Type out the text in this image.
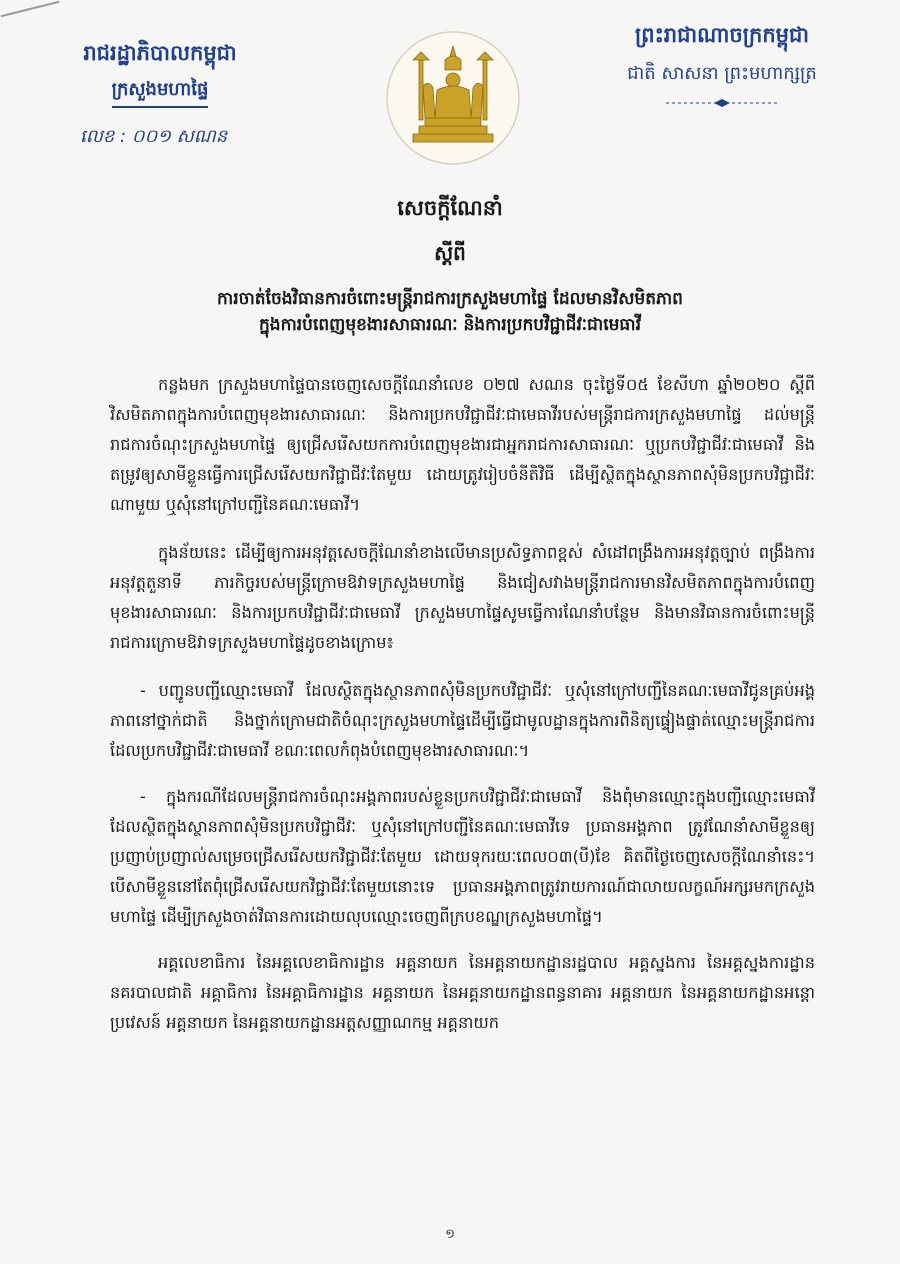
រាជរដ្ឋាភិបាលកម្ពុជា
ក្រសួងមហាផ្ទៃ
លេខ : ០០១ សណន
ព្រះរាជាណាចក្រកម្ពុជា
ជាតិ សាសនា ព្រះមហាក្សត្រ
សេចក្ដីណែនាំ
ស្ដីពី
ការចាត់ចែងវិធានការចំពោះមន្ត្រីរាជការក្រសួងមហាផ្ទៃ ដែលមានវិសមិតភាព
ក្នុងការបំពេញមុខងារសាធារណៈ និងការប្រកបវិជ្ជាជីវៈជាមេធាវី

កន្លងមក ក្រសួងមហាផ្ទៃបានចេញសេចក្ដីណែនាំលេខ ០២៧ សណន ចុះថ្ងៃទី០៥ ខែសីហា ឆ្នាំ២០២០ ស្ដីពីវិសមិតភាពក្នុងការបំពេញមុខងារសាធារណៈ និងការប្រកបវិជ្ជាជីវៈជាមេធាវីរបស់មន្ត្រីរាជការក្រសួងមហាផ្ទៃ ដល់មន្ត្រីរាជការចំណុះក្រសួងមហាផ្ទៃ ឲ្យជ្រើសរើសយកការបំពេញមុខងារជាអ្នករាជការសាធារណៈ ឬប្រកបវិជ្ជាជីវៈជាមេធាវី និងតម្រូវឲ្យសាមីខ្លួនធ្វើការជ្រើសរើសយកវិជ្ជាជីវៈតែមួយ ដោយត្រូវរៀបចំនីតិវិធី ដើម្បីស្ថិតក្នុងស្ថានភាពសុំមិនប្រកបវិជ្ជាជីវៈណាមួយ ឬសុំនៅក្រៅបញ្ជីនៃគណៈមេធាវី។

ក្នុងន័យនេះ ដើម្បីឲ្យការអនុវត្តសេចក្ដីណែនាំខាងលើមានប្រសិទ្ធភាពខ្ពស់ សំដៅពង្រឹងការអនុវត្តច្បាប់ ពង្រឹងការអនុវត្តតួនាទី ភារកិច្ចរបស់មន្ត្រីក្រោមឱវាទក្រសួងមហាផ្ទៃ និងជៀសវាងមន្ត្រីរាជការមានវិសមិតភាពក្នុងការបំពេញមុខងារសាធារណៈ និងការប្រកបវិជ្ជាជីវៈជាមេធាវី ក្រសួងមហាផ្ទៃសូមធ្វើការណែនាំបន្ថែម និងមានវិធានការចំពោះមន្ត្រីរាជការក្រោមឱវាទក្រសួងមហាផ្ទៃដូចខាងក្រោម៖

- បញ្ជូនបញ្ជីឈ្មោះមេធាវី ដែលស្ថិតក្នុងស្ថានភាពសុំមិនប្រកបវិជ្ជាជីវៈ ឬសុំនៅក្រៅបញ្ជីនៃគណៈមេធាវីជូនគ្រប់អង្គភាពនៅថ្នាក់ជាតិ និងថ្នាក់ក្រោមជាតិចំណុះក្រសួងមហាផ្ទៃដើម្បីធ្វើជាមូលដ្ឋានក្នុងការពិនិត្យផ្ទៀងផ្ទាត់ឈ្មោះមន្ត្រីរាជការដែលប្រកបវិជ្ជាជីវៈជាមេធាវី ខណៈពេលកំពុងបំពេញមុខងារសាធារណៈ។

- ក្នុងករណីដែលមន្ត្រីរាជការចំណុះអង្គភាពរបស់ខ្លួនប្រកបវិជ្ជាជីវៈជាមេធាវី និងពុំមានឈ្មោះក្នុងបញ្ជីឈ្មោះមេធាវីដែលស្ថិតក្នុងស្ថានភាពសុំមិនប្រកបវិជ្ជាជីវៈ ឬសុំនៅក្រៅបញ្ជីនៃគណៈមេធាវីទេ ប្រធានអង្គភាព ត្រូវណែនាំសាមីខ្លួនឲ្យប្រញាប់ប្រញាល់សម្រេចជ្រើសរើសយកវិជ្ជាជីវៈតែមួយ ដោយទុករយៈពេល០៣(បី)ខែ គិតពីថ្ងៃចេញសេចក្ដីណែនាំនេះ។ បើសាមីខ្លួននៅតែពុំជ្រើសរើសយកវិជ្ជាជីវៈតែមួយនោះទេ ប្រធានអង្គភាពត្រូវរាយការណ៍ជាលាយលក្ខណ៍អក្សរមកក្រសួងមហាផ្ទៃ ដើម្បីក្រសួងចាត់វិធានការដោយលុបឈ្មោះចេញពីក្របខណ្ឌក្រសួងមហាផ្ទៃ។

អគ្គលេខាធិការ នៃអគ្គលេខាធិការដ្ឋាន អគ្គនាយក នៃអគ្គនាយកដ្ឋានរដ្ឋបាល អគ្គស្នងការ នៃអគ្គស្នងការដ្ឋាននគរបាលជាតិ អគ្គាធិការ នៃអគ្គាធិការដ្ឋាន អគ្គនាយក នៃអគ្គនាយកដ្ឋានពន្ធនាគារ អគ្គនាយក នៃអគ្គនាយកដ្ឋានអន្តោប្រវេសន៍ អគ្គនាយក នៃអគ្គនាយកដ្ឋានអត្តសញ្ញាណកម្ម អគ្គនាយក

១
